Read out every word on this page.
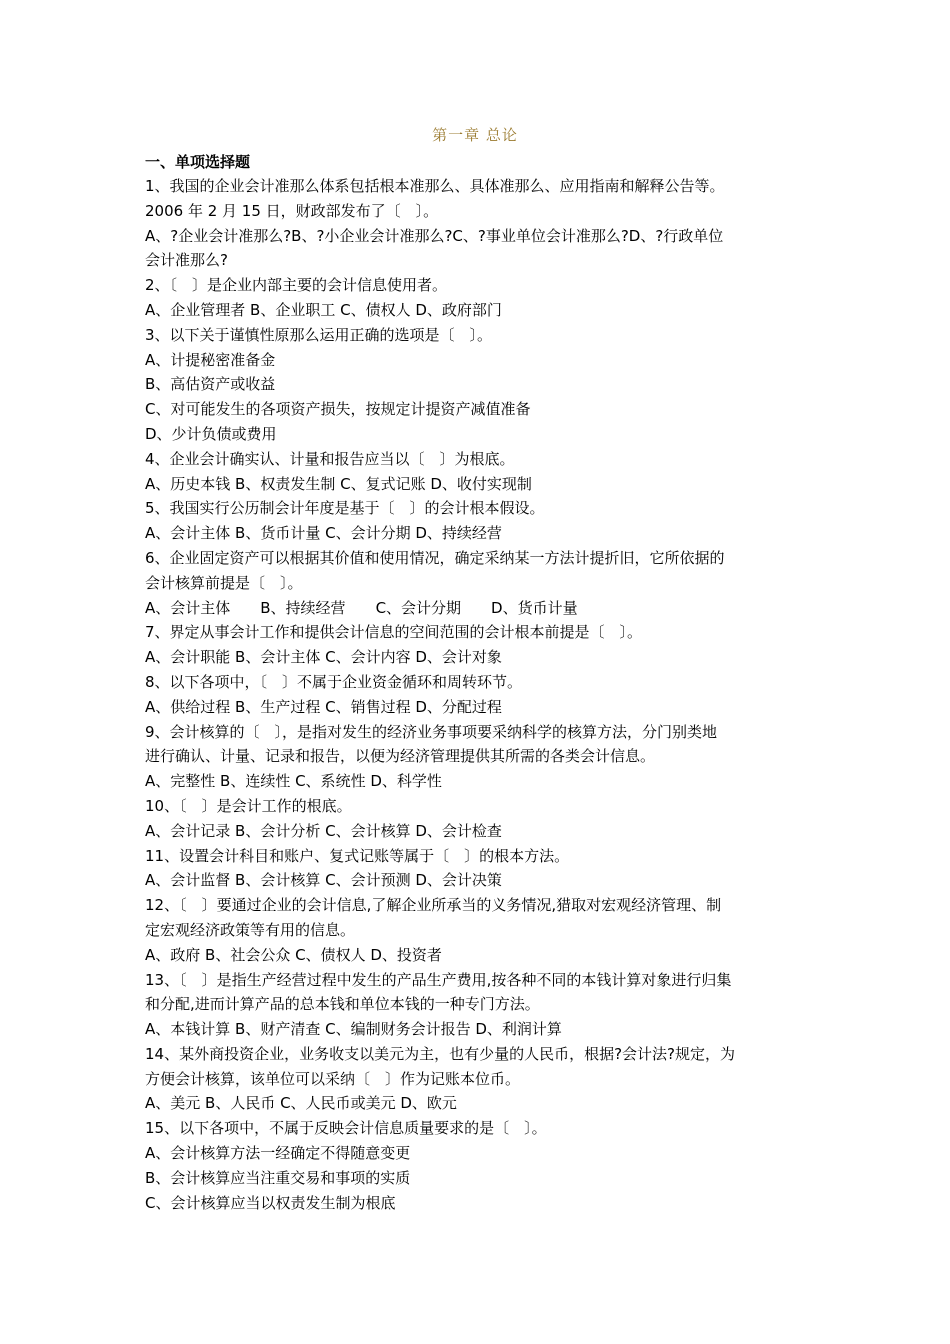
第一章 总论
一、单项选择题
1、我国的企业会计准那么体系包括根本准那么、具体准那么、应用指南和解释公告等。
2006 年 2 月 15 日，财政部发布了〔　〕。
A、?企业会计准那么?B、?小企业会计准那么?C、?事业单位会计准那么?D、?行政单位
会计准那么?
2、〔　〕是企业内部主要的会计信息使用者。
A、企业管理者 B、企业职工 C、债权人 D、政府部门
3、以下关于谨慎性原那么运用正确的选项是〔　〕。
A、计提秘密准备金
B、高估资产或收益
C、对可能发生的各项资产损失，按规定计提资产减值准备
D、少计负债或费用
4、企业会计确实认、计量和报告应当以〔　〕为根底。
A、历史本钱 B、权责发生制 C、复式记账 D、收付实现制
5、我国实行公历制会计年度是基于〔　〕的会计根本假设。
A、会计主体 B、货币计量 C、会计分期 D、持续经营
6、企业固定资产可以根据其价值和使用情况，确定采纳某一方法计提折旧，它所依据的
会计核算前提是〔　〕。
A、会计主体 B、持续经营 C、会计分期 D、货币计量
7、界定从事会计工作和提供会计信息的空间范围的会计根本前提是〔　〕。
A、会计职能 B、会计主体 C、会计内容 D、会计对象
8、以下各项中，〔　〕不属于企业资金循环和周转环节。
A、供给过程 B、生产过程 C、销售过程 D、分配过程
9、会计核算的〔　〕，是指对发生的经济业务事项要采纳科学的核算方法，分门别类地
进行确认、计量、记录和报告，以便为经济管理提供其所需的各类会计信息。
A、完整性 B、连续性 C、系统性 D、科学性
10、〔　〕是会计工作的根底。
A、会计记录 B、会计分析 C、会计核算 D、会计检查
11、设置会计科目和账户、复式记账等属于〔　〕的根本方法。
A、会计监督 B、会计核算 C、会计预测 D、会计决策
12、〔　〕要通过企业的会计信息,了解企业所承当的义务情况,猎取对宏观经济管理、制
定宏观经济政策等有用的信息。
A、政府 B、社会公众 C、债权人 D、投资者
13、〔　〕是指生产经营过程中发生的产品生产费用,按各种不同的本钱计算对象进行归集
和分配,进而计算产品的总本钱和单位本钱的一种专门方法。
A、本钱计算 B、财产清查 C、编制财务会计报告 D、利润计算
14、某外商投资企业，业务收支以美元为主，也有少量的人民币，根据?会计法?规定，为
方便会计核算，该单位可以采纳〔　〕作为记账本位币。
A、美元 B、人民币 C、人民币或美元 D、欧元
15、以下各项中，不属于反映会计信息质量要求的是〔　〕。
A、会计核算方法一经确定不得随意变更
B、会计核算应当注重交易和事项的实质
C、会计核算应当以权责发生制为根底
